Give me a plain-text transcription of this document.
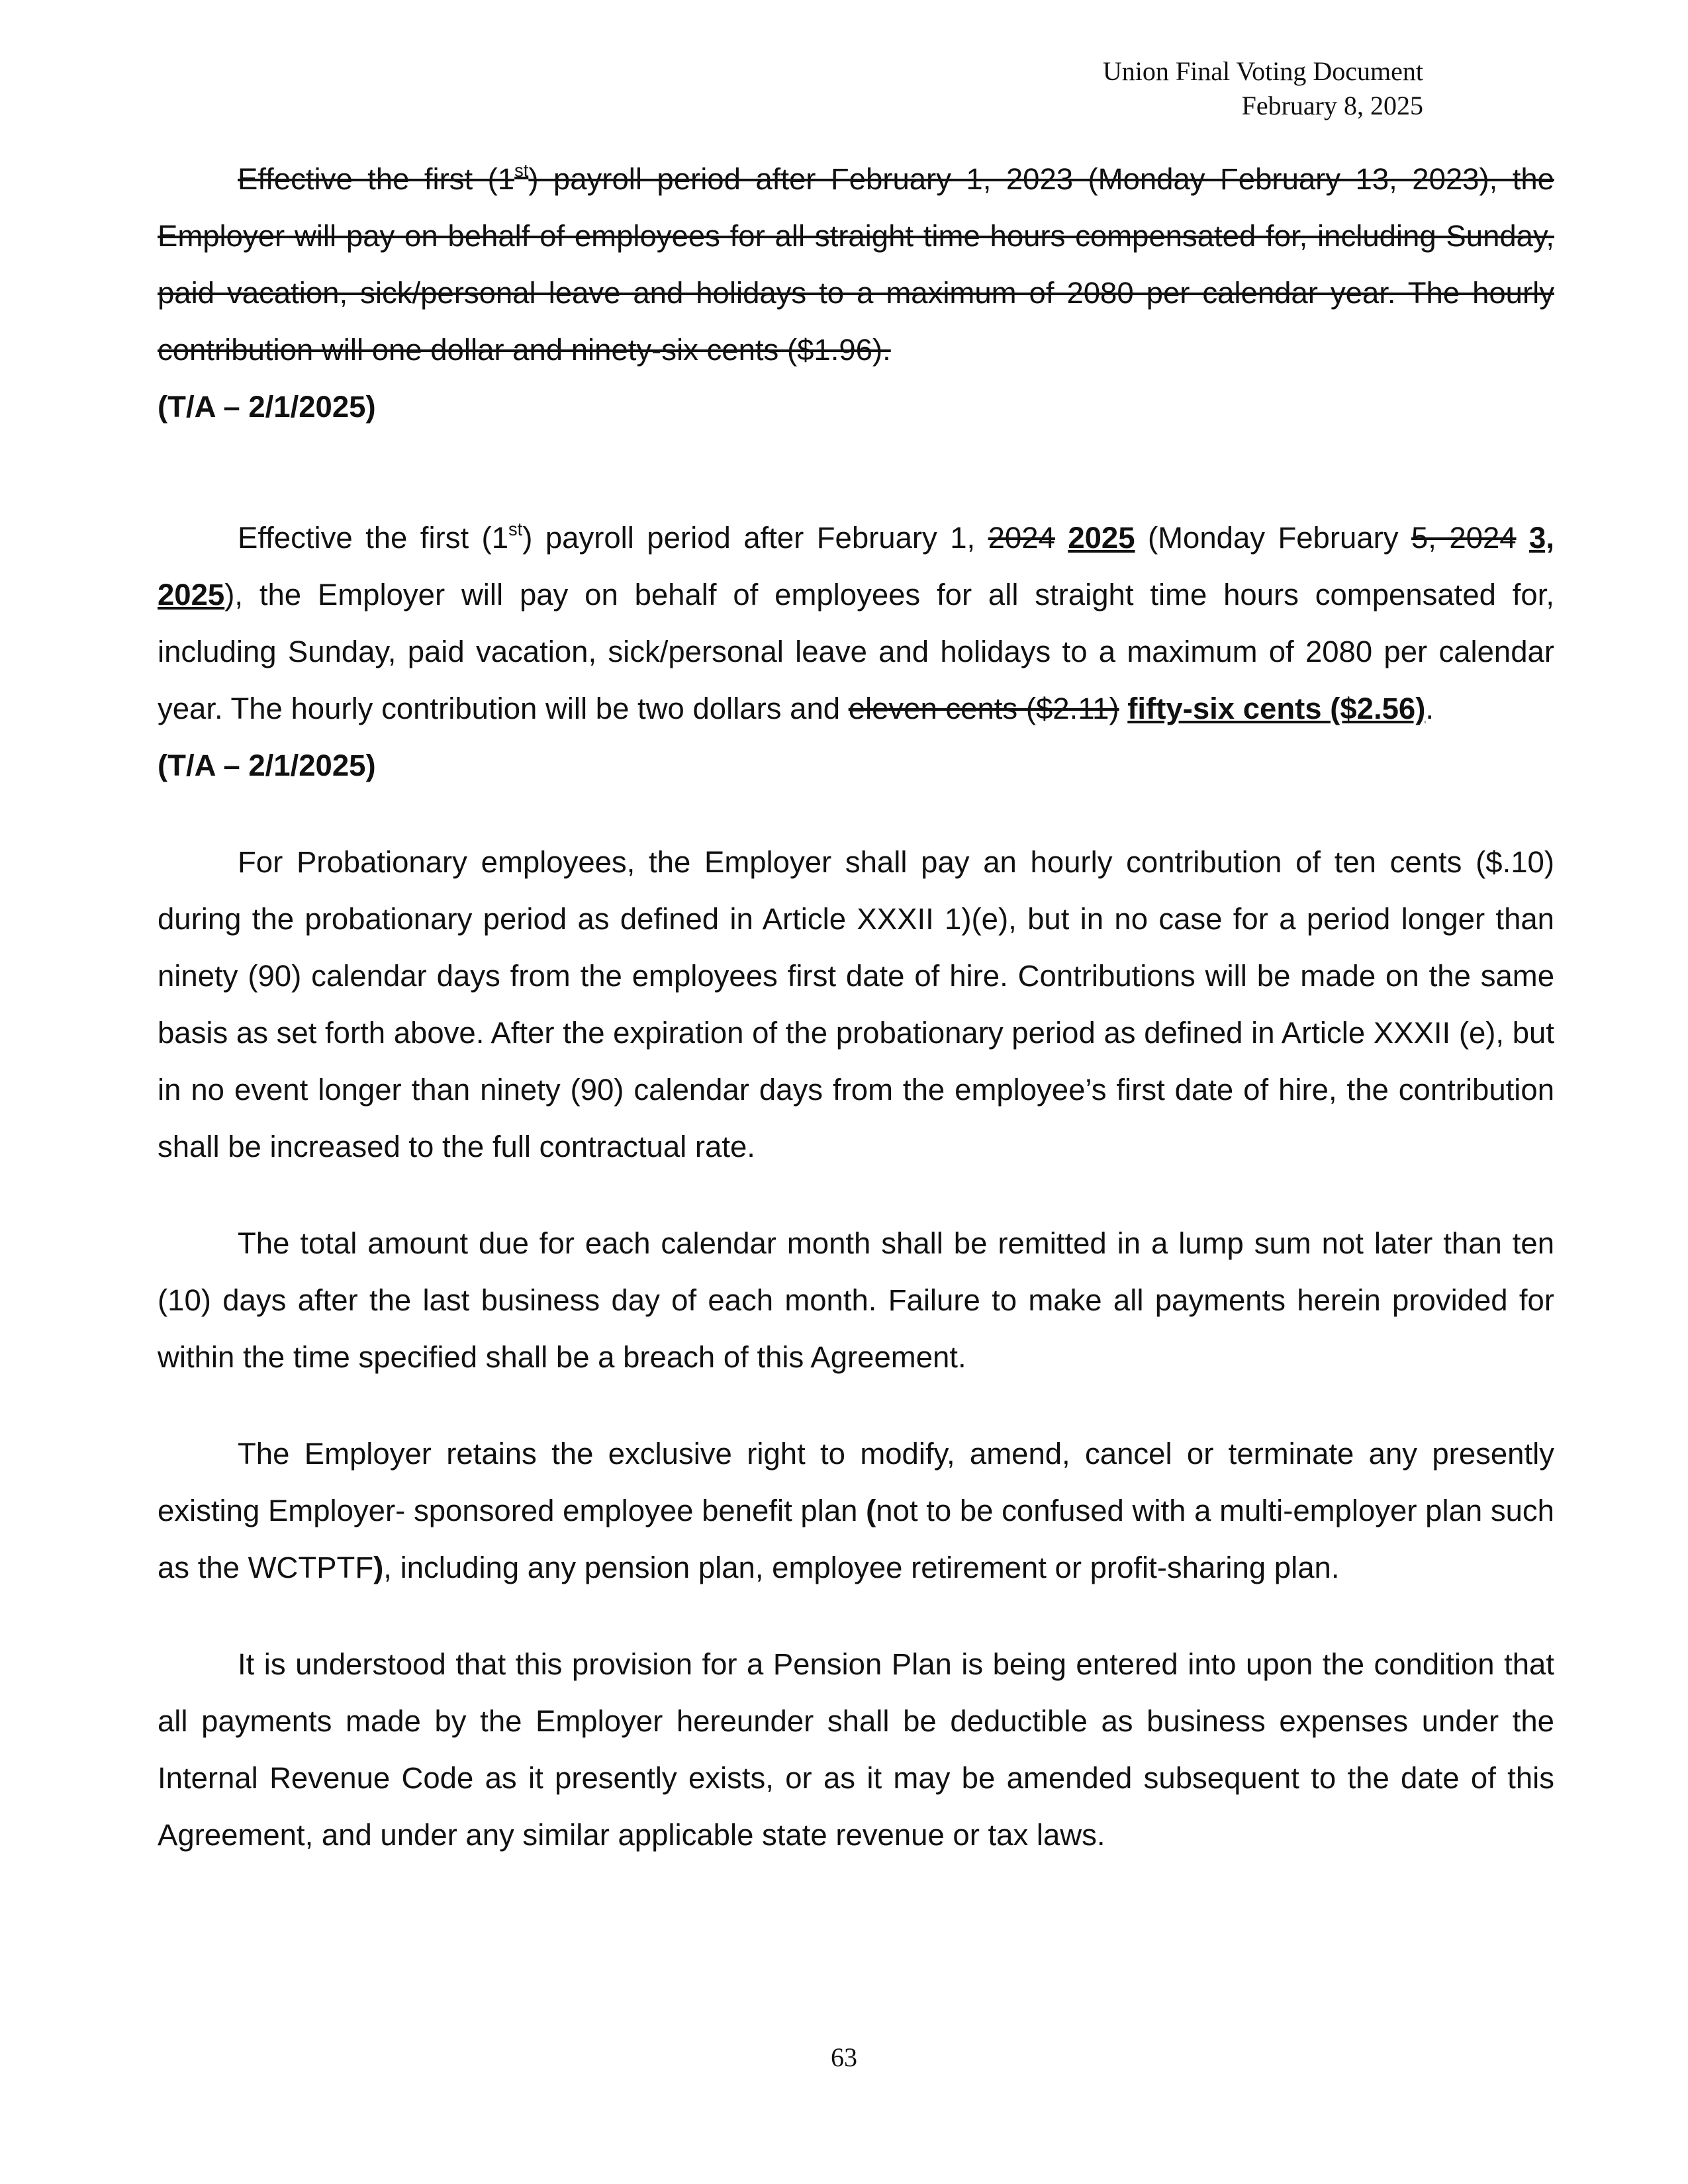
Union Final Voting Document
February 8, 2025

Effective the first (1st) payroll period after February 1, 2023 (Monday February 13, 2023), the Employer will pay on behalf of employees for all straight time hours compensated for, including Sunday, paid vacation, sick/personal leave and holidays to a maximum of 2080 per calendar year. The hourly contribution will one dollar and ninety-six cents ($1.96).

(T/A – 2/1/2025)

Effective the first (1st) payroll period after February 1, 2024 2025 (Monday February 5, 2024 3, 2025), the Employer will pay on behalf of employees for all straight time hours compensated for, including Sunday, paid vacation, sick/personal leave and holidays to a maximum of 2080 per calendar year. The hourly contribution will be two dollars and eleven cents ($2.11) fifty-six cents ($2.56).

(T/A – 2/1/2025)

For Probationary employees, the Employer shall pay an hourly contribution of ten cents ($.10) during the probationary period as defined in Article XXXII 1)(e), but in no case for a period longer than ninety (90) calendar days from the employees first date of hire. Contributions will be made on the same basis as set forth above. After the expiration of the probationary period as defined in Article XXXII (e), but in no event longer than ninety (90) calendar days from the employee’s first date of hire, the contribution shall be increased to the full contractual rate.

The total amount due for each calendar month shall be remitted in a lump sum not later than ten (10) days after the last business day of each month. Failure to make all payments herein provided for within the time specified shall be a breach of this Agreement.

The Employer retains the exclusive right to modify, amend, cancel or terminate any presently existing Employer- sponsored employee benefit plan (not to be confused with a multi-employer plan such as the WCTPTF), including any pension plan, employee retirement or profit-sharing plan.

It is understood that this provision for a Pension Plan is being entered into upon the condition that all payments made by the Employer hereunder shall be deductible as business expenses under the Internal Revenue Code as it presently exists, or as it may be amended subsequent to the date of this Agreement, and under any similar applicable state revenue or tax laws.

63
